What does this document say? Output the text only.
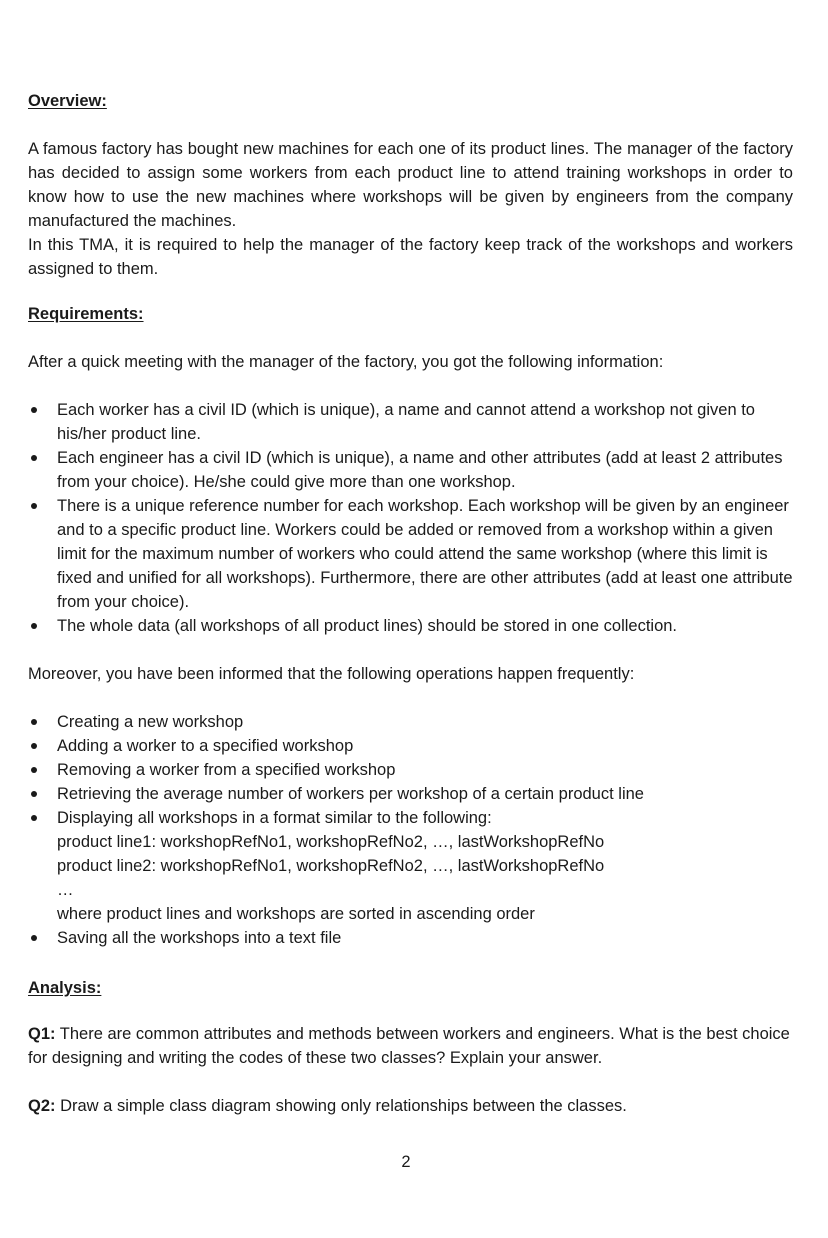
Overview:

A famous factory has bought new machines for each one of its product lines. The manager of the factory has decided to assign some workers from each product line to attend training workshops in order to know how to use the new machines where workshops will be given by engineers from the company manufactured the machines.

In this TMA, it is required to help the manager of the factory keep track of the workshops and workers assigned to them.

Requirements:

After a quick meeting with the manager of the factory, you got the following information:

Each worker has a civil ID (which is unique), a name and cannot attend a workshop not given to his/her product line.
Each engineer has a civil ID (which is unique), a name and other attributes (add at least 2 attributes from your choice). He/she could give more than one workshop.
There is a unique reference number for each workshop. Each workshop will be given by an engineer and to a specific product line. Workers could be added or removed from a workshop within a given limit for the maximum number of workers who could attend the same workshop (where this limit is fixed and unified for all workshops). Furthermore, there are other attributes (add at least one attribute from your choice).
The whole data (all workshops of all product lines) should be stored in one collection.

Moreover, you have been informed that the following operations happen frequently:

Creating a new workshop
Adding a worker to a specified workshop
Removing a worker from a specified workshop
Retrieving the average number of workers per workshop of a certain product line
Displaying all workshops in a format similar to the following:
product line1: workshopRefNo1, workshopRefNo2, …, lastWorkshopRefNo
product line2: workshopRefNo1, workshopRefNo2, …, lastWorkshopRefNo
…
where product lines and workshops are sorted in ascending order
Saving all the workshops into a text file

Analysis:

Q1: There are common attributes and methods between workers and engineers. What is the best choice for designing and writing the codes of these two classes? Explain your answer.

Q2: Draw a simple class diagram showing only relationships between the classes.

2
